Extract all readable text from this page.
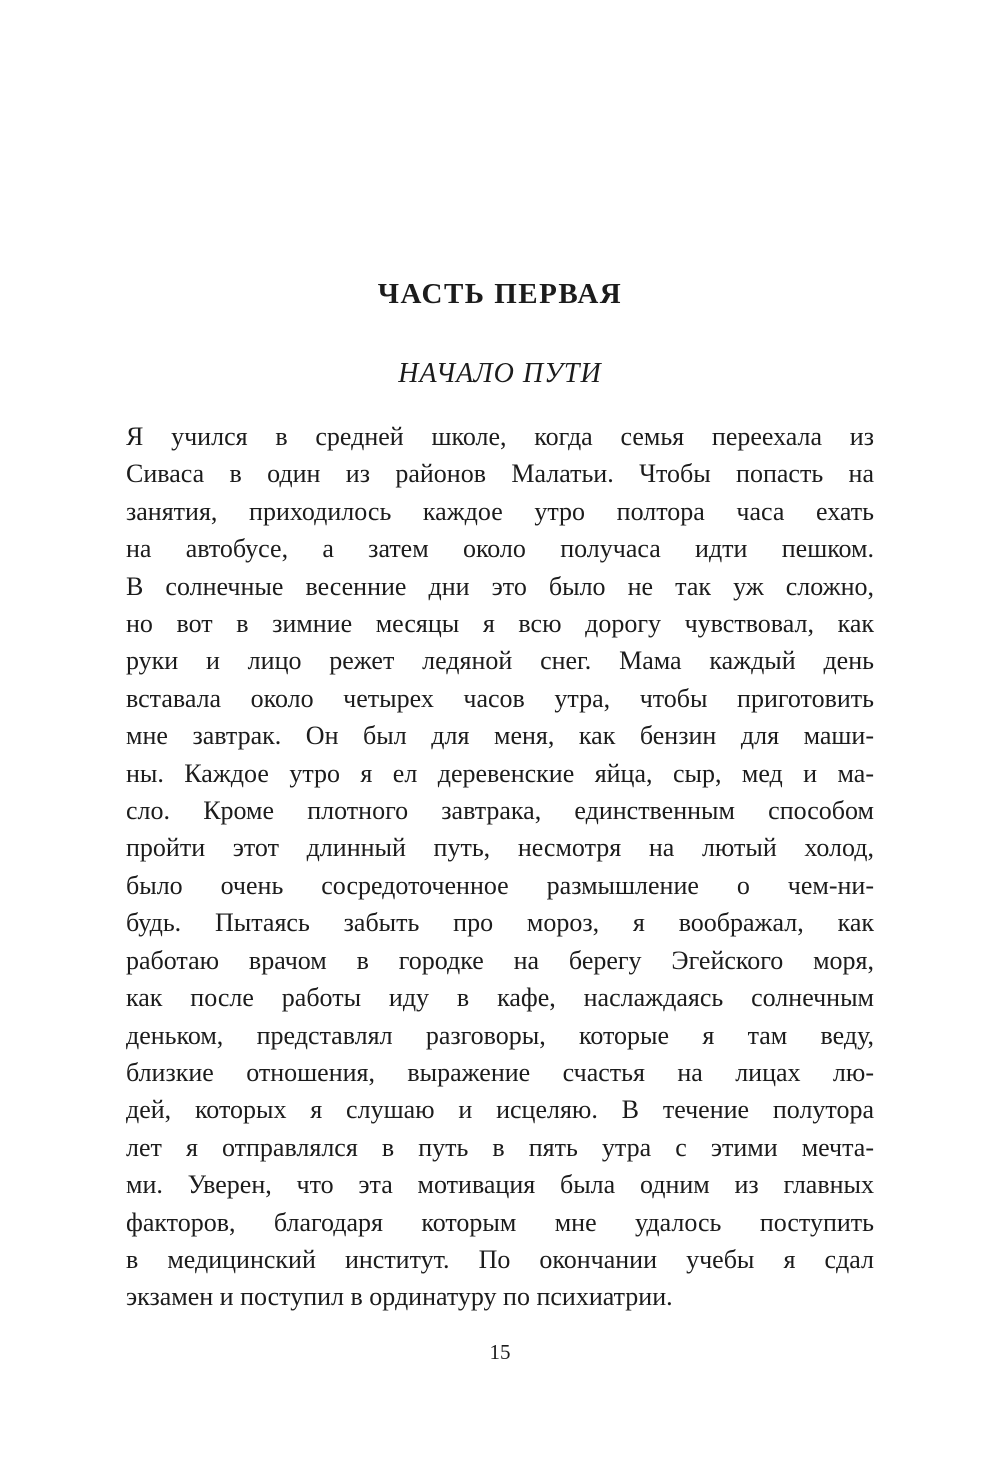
ЧАСТЬ ПЕРВАЯ
НАЧАЛО ПУТИ
Я учился в средней школе, когда семья переехала из
Сиваса в один из районов Малатьи. Чтобы попасть на
занятия, приходилось каждое утро полтора часа ехать
на автобусе, а затем около получаса идти пешком.
В солнечные весенние дни это было не так уж сложно,
но вот в зимние месяцы я всю дорогу чувствовал, как
руки и лицо режет ледяной снег. Мама каждый день
вставала около четырех часов утра, чтобы приготовить
мне завтрак. Он был для меня, как бензин для маши-
ны. Каждое утро я ел деревенские яйца, сыр, мед и ма-
сло. Кроме плотного завтрака, единственным способом
пройти этот длинный путь, несмотря на лютый холод,
было очень сосредоточенное размышление о чем-ни-
будь. Пытаясь забыть про мороз, я воображал, как
работаю врачом в городке на берегу Эгейского моря,
как после работы иду в кафе, наслаждаясь солнечным
деньком, представлял разговоры, которые я там веду,
близкие отношения, выражение счастья на лицах лю-
дей, которых я слушаю и исцеляю. В течение полутора
лет я отправлялся в путь в пять утра с этими мечта-
ми. Уверен, что эта мотивация была одним из главных
факторов, благодаря которым мне удалось поступить
в медицинский институт. По окончании учебы я сдал
экзамен и поступил в ординатуру по психиатрии.
15
